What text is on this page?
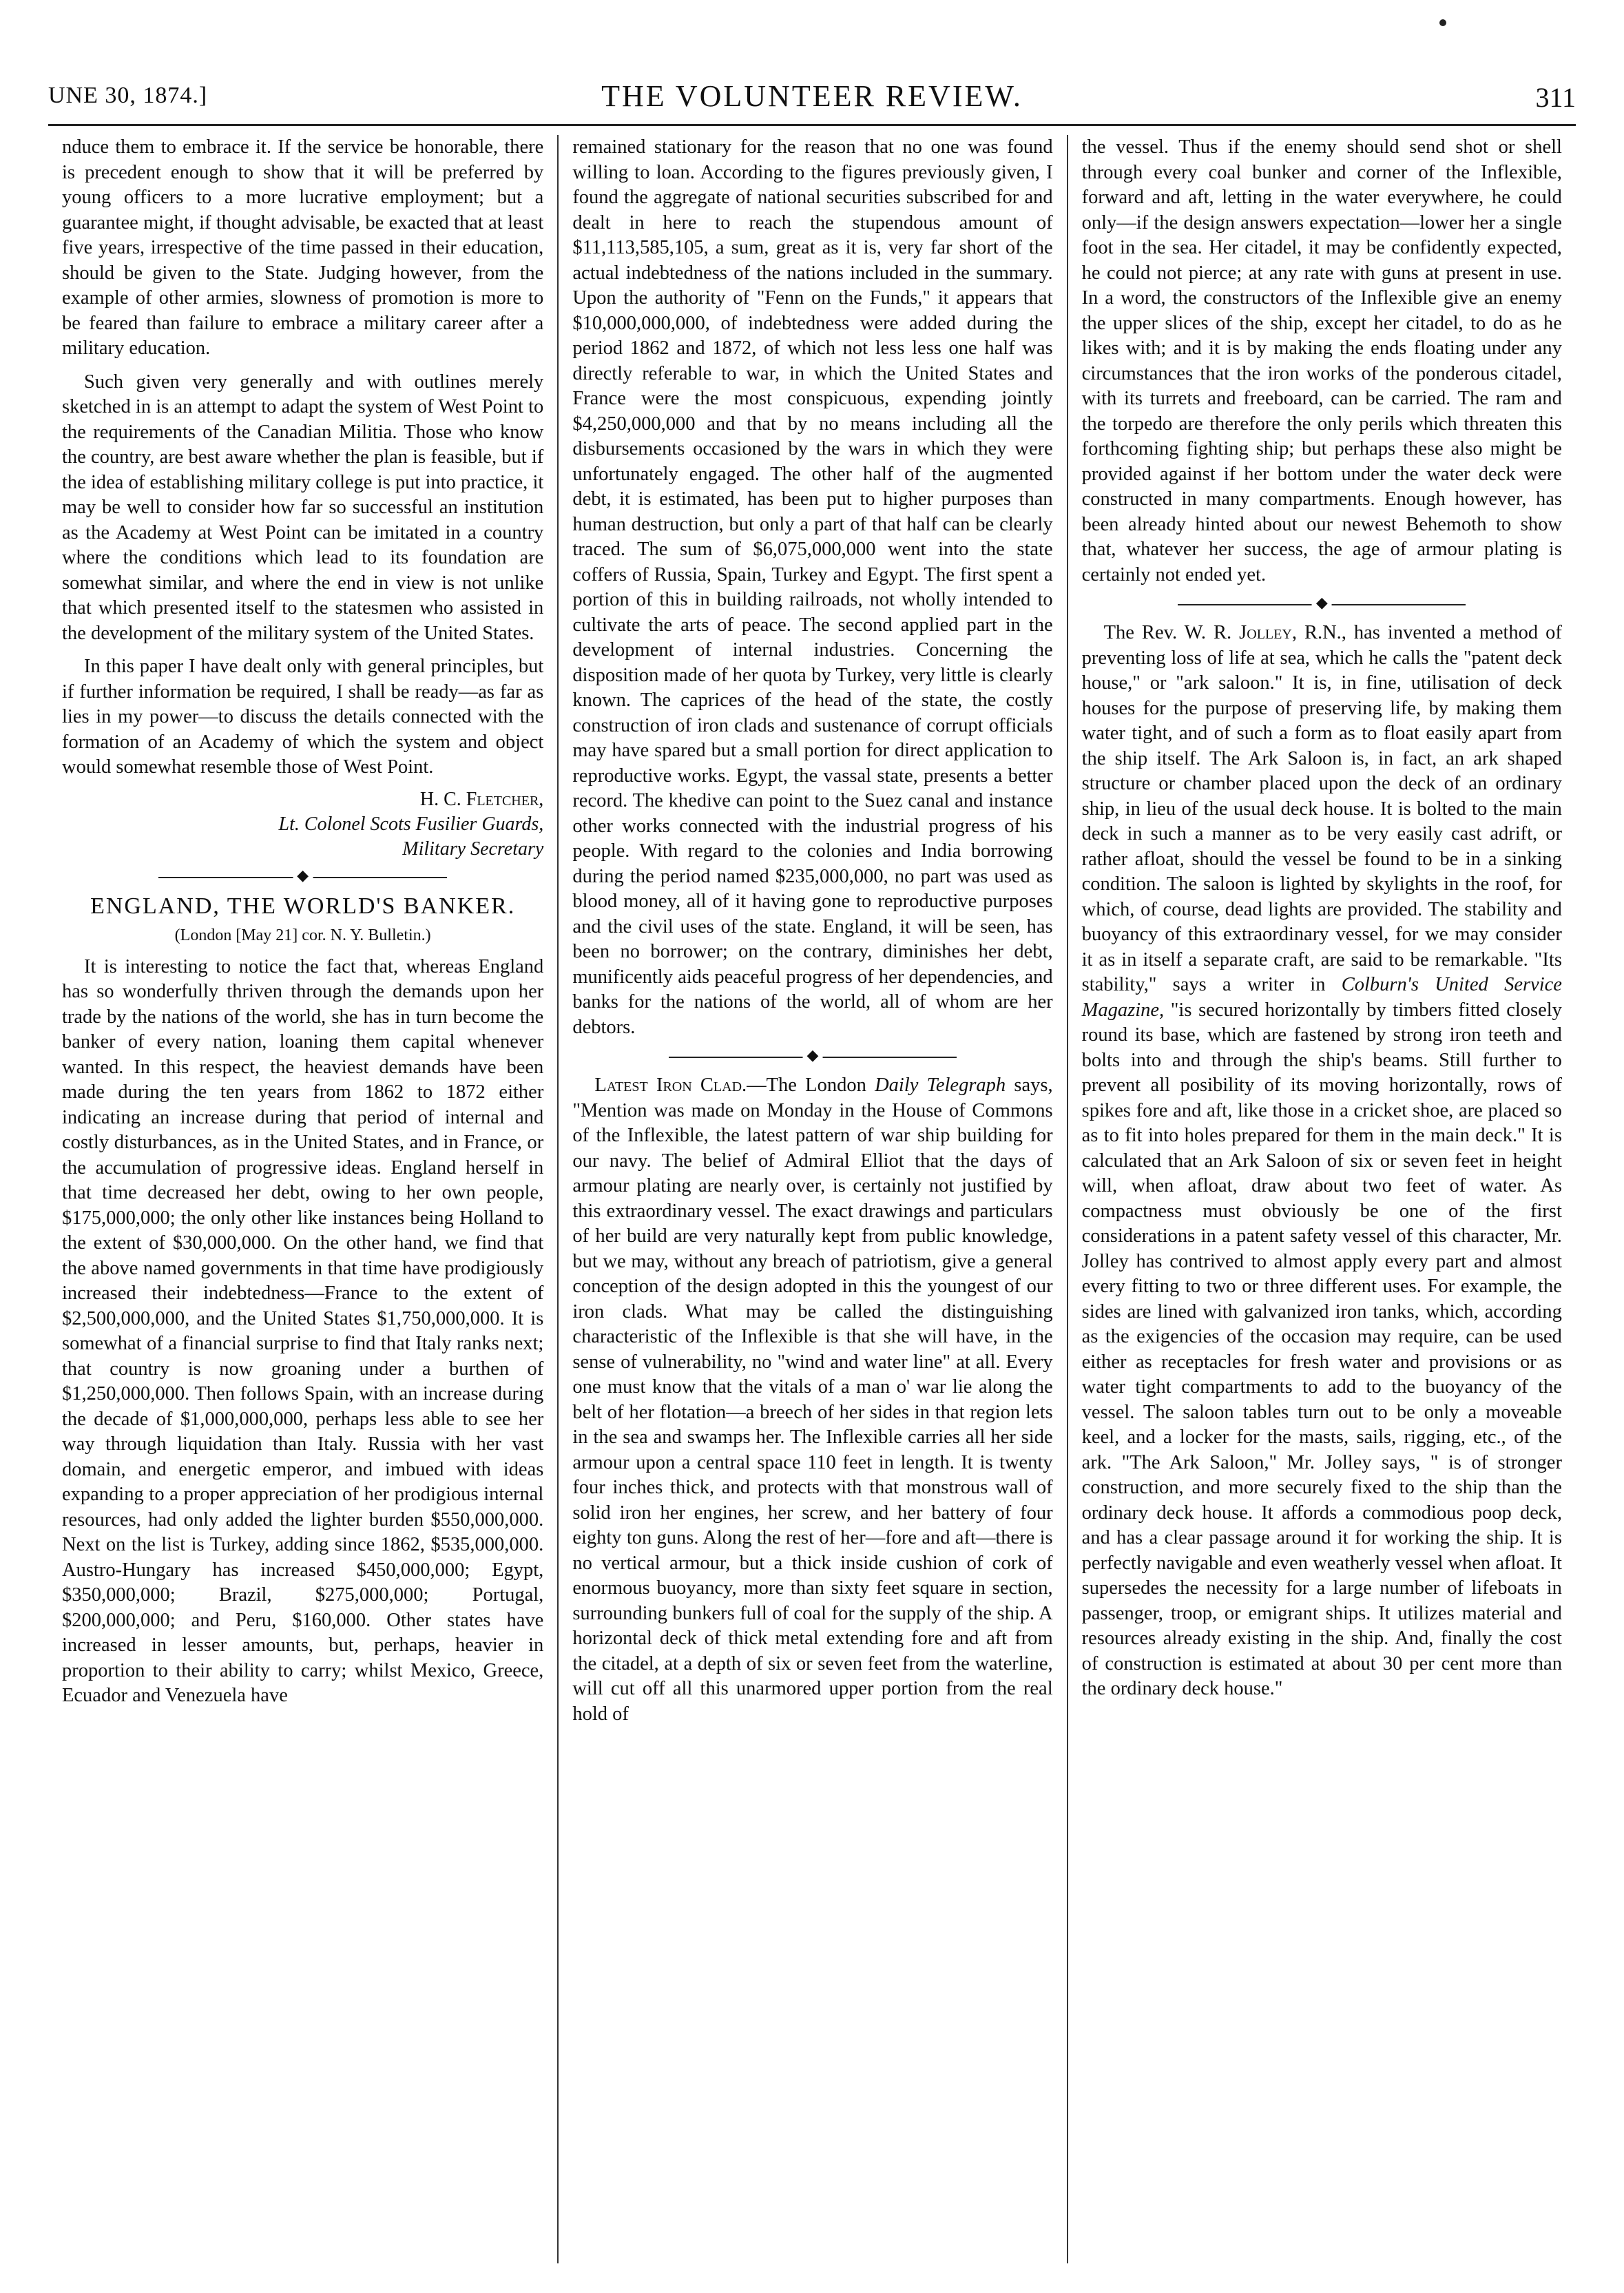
UNE 30, 1874.]	THE VOLUNTEER REVIEW.	311

nduce them to embrace it. If the service be honorable, there is precedent enough to show that it will be preferred by young officers to a more lucrative employment; but a guarantee might, if thought advisable, be exacted that at least five years, irrespective of the time passed in their education, should be given to the State. Judging however, from the example of other armies, slowness of promotion is more to be feared than failure to embrace a military career after a military education.

Such given very generally and with outlines merely sketched in is an attempt to adapt the system of West Point to the requirements of the Canadian Militia. Those who know the country, are best aware whether the plan is feasible, but if the idea of establishing military college is put into practice, it may be well to consider how far so successful an institution as the Academy at West Point can be imitated in a country where the conditions which lead to its foundation are somewhat similar, and where the end in view is not unlike that which presented itself to the statesmen who assisted in the development of the military system of the United States.

In this paper I have dealt only with general principles, but if further information be required, I shall be ready—as far as lies in my power—to discuss the details connected with the formation of an Academy of which the system and object would somewhat resemble those of West Point.

H. C. Fletcher,
Lt. Colonel Scots Fusilier Guards,
Military Secretary
◆
ENGLAND, THE WORLD'S BANKER.
(London [May 21] cor. N. Y. Bulletin.)

It is interesting to notice the fact that, whereas England has so wonderfully thriven through the demands upon her trade by the nations of the world, she has in turn become the banker of every nation, loaning them capital whenever wanted. In this respect, the heaviest demands have been made during the ten years from 1862 to 1872 either indicating an increase during that period of internal and costly disturbances, as in the United States, and in France, or the accumulation of progressive ideas. England herself in that time decreased her debt, owing to her own people, $175,000,000; the only other like instances being Holland to the extent of $30,000,000. On the other hand, we find that the above named governments in that time have prodigiously increased their indebtedness—France to the extent of $2,500,000,000, and the United States $1,750,000,000. It is somewhat of a financial surprise to find that Italy ranks next; that country is now groaning under a burthen of $1,250,000,000. Then follows Spain, with an increase during the decade of $1,000,000,000, perhaps less able to see her way through liquidation than Italy. Russia with her vast domain, and energetic emperor, and imbued with ideas expanding to a proper appreciation of her prodigious internal resources, had only added the lighter burden $550,000,000. Next on the list is Turkey, adding since 1862, $535,000,000. Austro-Hungary has increased $450,000,000; Egypt, $350,000,000; Brazil, $275,000,000; Portugal, $200,000,000; and Peru, $160,000. Other states have increased in lesser amounts, but, perhaps, heavier in proportion to their ability to carry; whilst Mexico, Greece, Ecuador and Venezuela have

remained stationary for the reason that no one was found willing to loan. According to the figures previously given, I found the aggregate of national securities subscribed for and dealt in here to reach the stupendous amount of $11,113,585,105, a sum, great as it is, very far short of the actual indebtedness of the nations included in the summary. Upon the authority of "Fenn on the Funds," it appears that $10,000,000,000, of indebtedness were added during the period 1862 and 1872, of which not less less one half was directly referable to war, in which the United States and France were the most conspicuous, expending jointly $4,250,000,000 and that by no means including all the disbursements occasioned by the wars in which they were unfortunately engaged. The other half of the augmented debt, it is estimated, has been put to higher purposes than human destruction, but only a part of that half can be clearly traced. The sum of $6,075,000,000 went into the state coffers of Russia, Spain, Turkey and Egypt. The first spent a portion of this in building railroads, not wholly intended to cultivate the arts of peace. The second applied part in the development of internal industries. Concerning the disposition made of her quota by Turkey, very little is clearly known. The caprices of the head of the state, the costly construction of iron clads and sustenance of corrupt officials may have spared but a small portion for direct application to reproductive works. Egypt, the vassal state, presents a better record. The khedive can point to the Suez canal and instance other works connected with the industrial progress of his people. With regard to the colonies and India borrowing during the period named $235,000,000, no part was used as blood money, all of it having gone to reproductive purposes and the civil uses of the state. England, it will be seen, has been no borrower; on the contrary, diminishes her debt, munificently aids peaceful progress of her dependencies, and banks for the nations of the world, all of whom are her debtors.

◆

Latest Iron Clad.—The London Daily Telegraph says, "Mention was made on Monday in the House of Commons of the Inflexible, the latest pattern of war ship building for our navy. The belief of Admiral Elliot that the days of armour plating are nearly over, is certainly not justified by this extraordinary vessel. The exact drawings and particulars of her build are very naturally kept from public knowledge, but we may, without any breach of patriotism, give a general conception of the design adopted in this the youngest of our iron clads. What may be called the distinguishing characteristic of the Inflexible is that she will have, in the sense of vulnerability, no "wind and water line" at all. Every one must know that the vitals of a man o' war lie along the belt of her flotation—a breech of her sides in that region lets in the sea and swamps her. The Inflexible carries all her side armour upon a central space 110 feet in length. It is twenty four inches thick, and protects with that monstrous wall of solid iron her engines, her screw, and her battery of four eighty ton guns. Along the rest of her—fore and aft—there is no vertical armour, but a thick inside cushion of cork of enormous buoyancy, more than sixty feet square in section, surrounding bunkers full of coal for the supply of the ship. A horizontal deck of thick metal extending fore and aft from the citadel, at a depth of six or seven feet from the waterline, will cut off all this unarmored upper portion from the real hold of

the vessel. Thus if the enemy should send shot or shell through every coal bunker and corner of the Inflexible, forward and aft, letting in the water everywhere, he could only—if the design answers expectation—lower her a single foot in the sea. Her citadel, it may be confidently expected, he could not pierce; at any rate with guns at present in use. In a word, the constructors of the Inflexible give an enemy the upper slices of the ship, except her citadel, to do as he likes with; and it is by making the ends floating under any circumstances that the iron works of the ponderous citadel, with its turrets and freeboard, can be carried. The ram and the torpedo are therefore the only perils which threaten this forthcoming fighting ship; but perhaps these also might be provided against if her bottom under the water deck were constructed in many compartments. Enough however, has been already hinted about our newest Behemoth to show that, whatever her success, the age of armour plating is certainly not ended yet.

◆

The Rev. W. R. Jolley, R.N., has invented a method of preventing loss of life at sea, which he calls the "patent deck house," or "ark saloon." It is, in fine, utilisation of deck houses for the purpose of preserving life, by making them water tight, and of such a form as to float easily apart from the ship itself. The Ark Saloon is, in fact, an ark shaped structure or chamber placed upon the deck of an ordinary ship, in lieu of the usual deck house. It is bolted to the main deck in such a manner as to be very easily cast adrift, or rather afloat, should the vessel be found to be in a sinking condition. The saloon is lighted by skylights in the roof, for which, of course, dead lights are provided. The stability and buoyancy of this extraordinary vessel, for we may consider it as in itself a separate craft, are said to be remarkable. "Its stability," says a writer in Colburn's United Service Magazine, "is secured horizontally by timbers fitted closely round its base, which are fastened by strong iron teeth and bolts into and through the ship's beams. Still further to prevent all posibility of its moving horizontally, rows of spikes fore and aft, like those in a cricket shoe, are placed so as to fit into holes prepared for them in the main deck." It is calculated that an Ark Saloon of six or seven feet in height will, when afloat, draw about two feet of water. As compactness must obviously be one of the first considerations in a patent safety vessel of this character, Mr. Jolley has contrived to almost apply every part and almost every fitting to two or three different uses. For example, the sides are lined with galvanized iron tanks, which, according as the exigencies of the occasion may require, can be used either as receptacles for fresh water and provisions or as water tight compartments to add to the buoyancy of the vessel. The saloon tables turn out to be only a moveable keel, and a locker for the masts, sails, rigging, etc., of the ark. "The Ark Saloon," Mr. Jolley says, " is of stronger construction, and more securely fixed to the ship than the ordinary deck house. It affords a commodious poop deck, and has a clear passage around it for working the ship. It is perfectly navigable and even weatherly vessel when afloat. It supersedes the necessity for a large number of lifeboats in passenger, troop, or emigrant ships. It utilizes material and resources already existing in the ship. And, finally the cost of construction is estimated at about 30 per cent more than the ordinary deck house."
